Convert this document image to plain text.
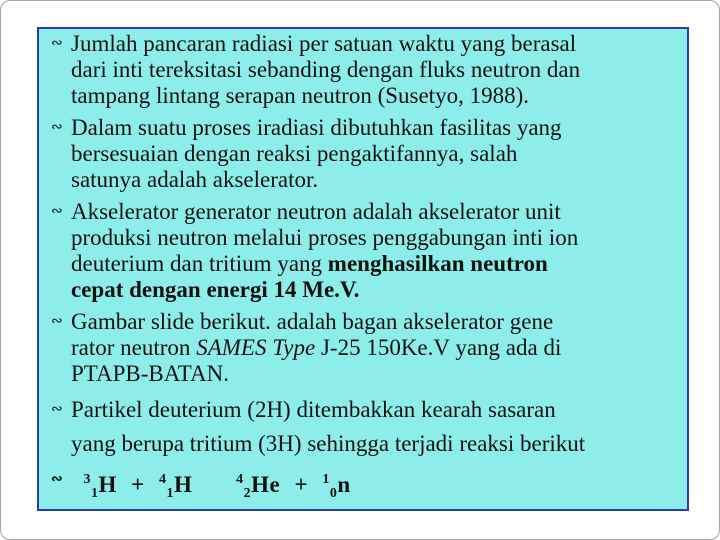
∾ Jumlah pancaran radiasi per satuan waktu yang berasal
dari inti tereksitasi sebanding dengan fluks neutron dan
tampang lintang serapan neutron (Susetyo, 1988).
∾ Dalam suatu proses iradiasi dibutuhkan fasilitas yang
bersesuaian dengan reaksi pengaktifannya, salah
satunya adalah akselerator.
∾ Akselerator generator neutron adalah akselerator unit
produksi neutron melalui proses penggabungan inti ion
deuterium dan tritium yang menghasilkan neutron
cepat dengan energi 14 Me.V.
∾ Gambar slide berikut. adalah bagan akselerator gene
rator neutron SAMES Type J-25 150Ke.V yang ada di
PTAPB-BATAN.
∾ Partikel deuterium (2H) ditembakkan kearah sasaran
yang berupa tritium (3H) sehingga terjadi reaksi berikut
∾	$^3_1$H + $^4_1$H	$^4_2$He + $^1_0$n
